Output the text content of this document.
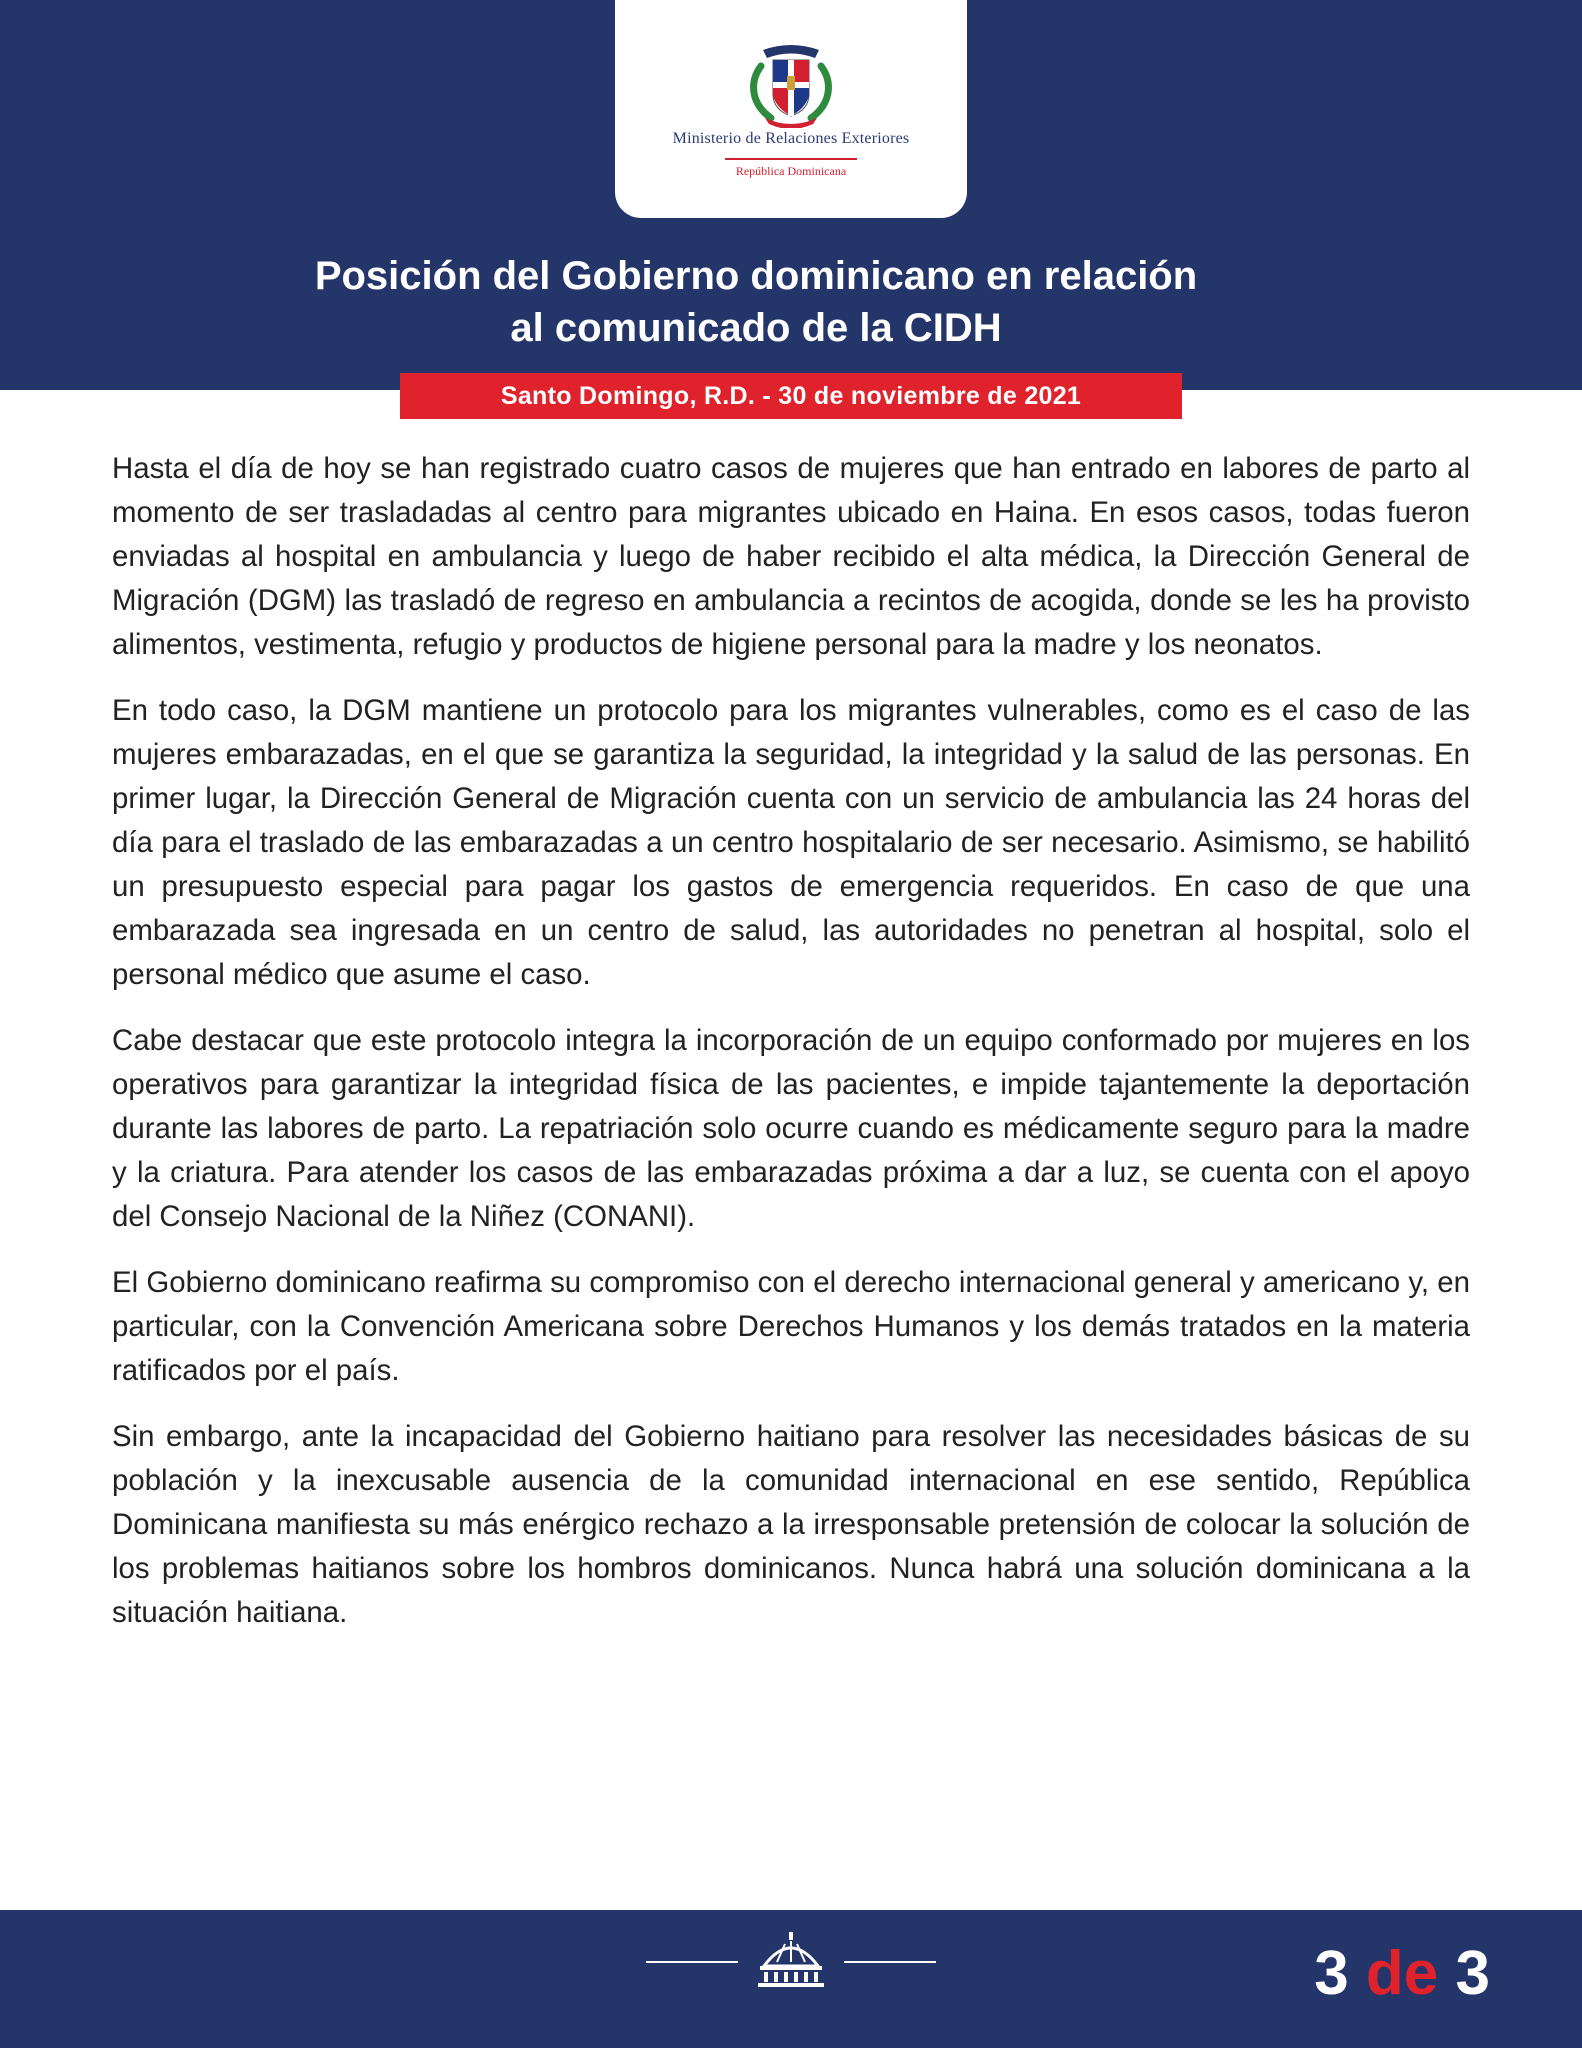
Ministerio de Relaciones Exteriores
República Dominicana
Posición del Gobierno dominicano en relación
al comunicado de la CIDH
Santo Domingo, R.D. - 30 de noviembre de 2021

Hasta el día de hoy se han registrado cuatro casos de mujeres que han entrado en labores de parto al momento de ser trasladadas al centro para migrantes ubicado en Haina. En esos casos, todas fueron enviadas al hospital en ambulancia y luego de haber recibido el alta médica, la Dirección General de Migración (DGM) las trasladó de regreso en ambulancia a recintos de acogida, donde se les ha provisto alimentos, vestimenta, refugio y productos de higiene personal para la madre y los neonatos.

En todo caso, la DGM mantiene un protocolo para los migrantes vulnerables, como es el caso de las mujeres embarazadas, en el que se garantiza la seguridad, la integridad y la salud de las personas. En primer lugar, la Dirección General de Migración cuenta con un servicio de ambulancia las 24 horas del día para el traslado de las embarazadas a un centro hospitalario de ser necesario. Asimismo, se habilitó un presupuesto especial para pagar los gastos de emergencia requeridos. En caso de que una embarazada sea ingresada en un centro de salud, las autoridades no penetran al hospital, solo el personal médico que asume el caso.

Cabe destacar que este protocolo integra la incorporación de un equipo conformado por mujeres en los operativos para garantizar la integridad física de las pacientes, e impide tajantemente la deportación durante las labores de parto. La repatriación solo ocurre cuando es médicamente seguro para la madre y la criatura. Para atender los casos de las embarazadas próxima a dar a luz, se cuenta con el apoyo del Consejo Nacional de la Niñez (CONANI).

El Gobierno dominicano reafirma su compromiso con el derecho internacional general y americano y, en particular, con la Convención Americana sobre Derechos Humanos y los demás tratados en la materia ratificados por el país.

Sin embargo, ante la incapacidad del Gobierno haitiano para resolver las necesidades básicas de su población y la inexcusable ausencia de la comunidad internacional en ese sentido, República Dominicana manifiesta su más enérgico rechazo a la irresponsable pretensión de colocar la solución de los problemas haitianos sobre los hombros dominicanos. Nunca habrá una solución dominicana a la situación haitiana.

3 de 3
